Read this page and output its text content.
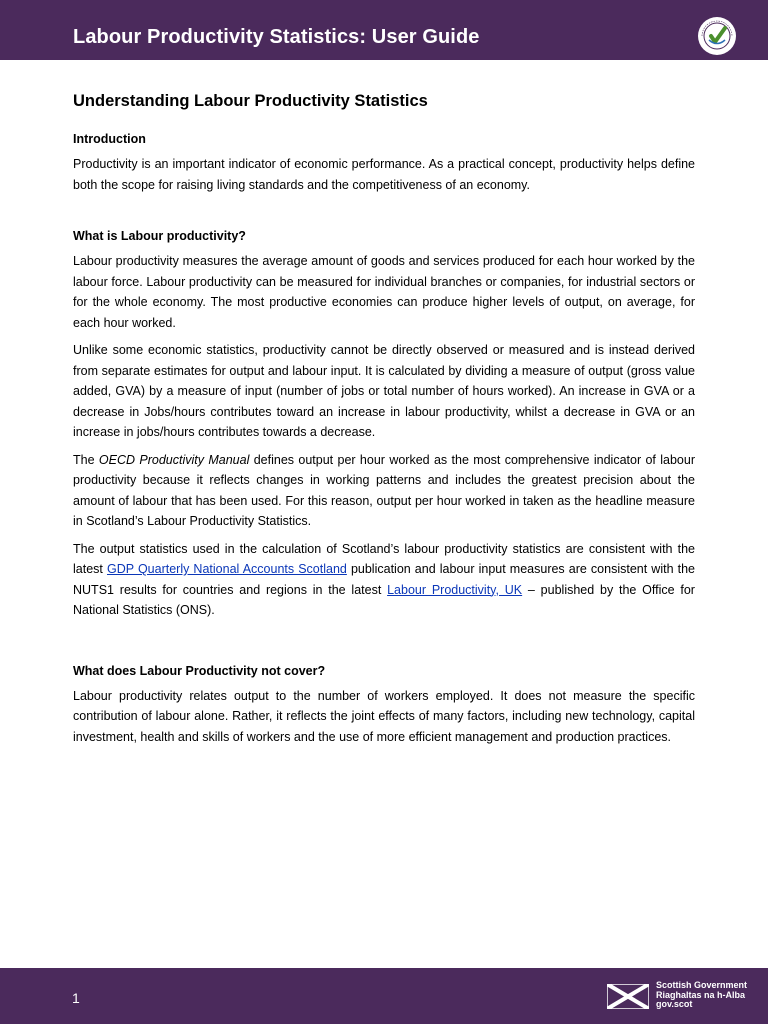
Labour Productivity Statistics: User Guide
Understanding Labour Productivity Statistics
Introduction

Productivity is an important indicator of economic performance. As a practical concept, productivity helps define both the scope for raising living standards and the competitiveness of an economy.

What is Labour productivity?

Labour productivity measures the average amount of goods and services produced for each hour worked by the labour force. Labour productivity can be measured for individual branches or companies, for industrial sectors or for the whole economy. The most productive economies can produce higher levels of output, on average, for each hour worked.

Unlike some economic statistics, productivity cannot be directly observed or measured and is instead derived from separate estimates for output and labour input. It is calculated by dividing a measure of output (gross value added, GVA) by a measure of input (number of jobs or total number of hours worked). An increase in GVA or a decrease in Jobs/hours contributes toward an increase in labour productivity, whilst a decrease in GVA or an increase in jobs/hours contributes towards a decrease.

The OECD Productivity Manual defines output per hour worked as the most comprehensive indicator of labour productivity because it reflects changes in working patterns and includes the greatest precision about the amount of labour that has been used. For this reason, output per hour worked in taken as the headline measure in Scotland’s Labour Productivity Statistics.

The output statistics used in the calculation of Scotland’s labour productivity statistics are consistent with the latest GDP Quarterly National Accounts Scotland publication and labour input measures are consistent with the NUTS1 results for countries and regions in the latest Labour Productivity, UK – published by the Office for National Statistics (ONS).

What does Labour Productivity not cover?

Labour productivity relates output to the number of workers employed. It does not measure the specific contribution of labour alone. Rather, it reflects the joint effects of many factors, including new technology, capital investment, health and skills of workers and the use of more efficient management and production practices.

1
Scottish Government
Riaghaltas na h-Alba
gov.scot
